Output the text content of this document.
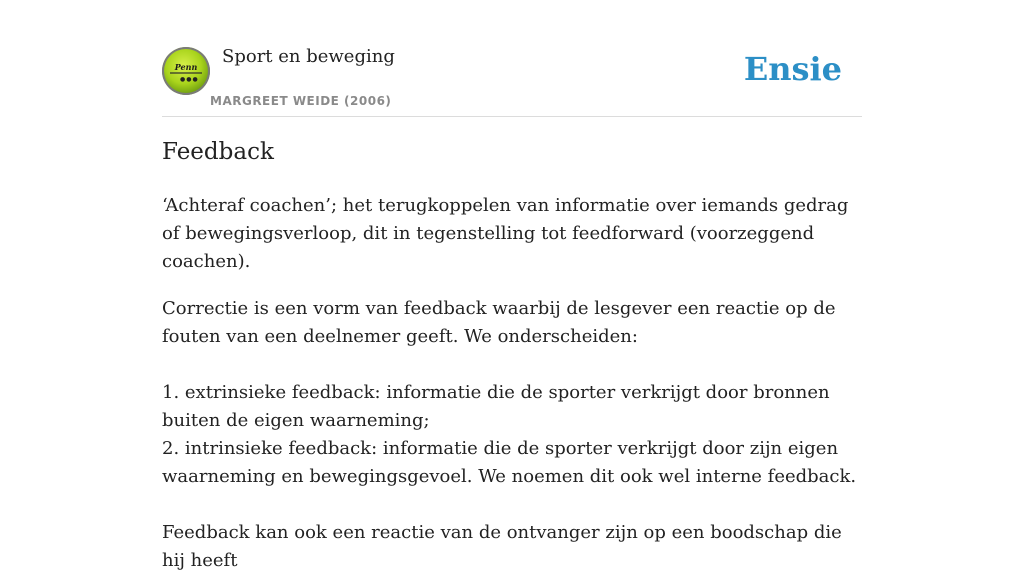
Penn
●●●
Sport en beweging
MARGREET WEIDE (2006)
Ensie
Feedback

‘Achteraf coachen’; het terugkoppelen van informatie over iemands gedrag of bewegingsverloop, dit in tegenstelling tot feedforward (voorzeggend coachen).

Correctie is een vorm van feedback waarbij de lesgever een reactie op de fouten van een deelnemer geeft. We onderscheiden:

1. extrinsieke feedback: informatie die de sporter verkrijgt door bronnen buiten de eigen waarneming;
2. intrinsieke feedback: informatie die de sporter verkrijgt door zijn eigen waarneming en bewegingsgevoel. We noemen dit ook wel interne feedback.
Feedback kan ook een reactie van de ontvanger zijn op een boodschap die hij heeft
